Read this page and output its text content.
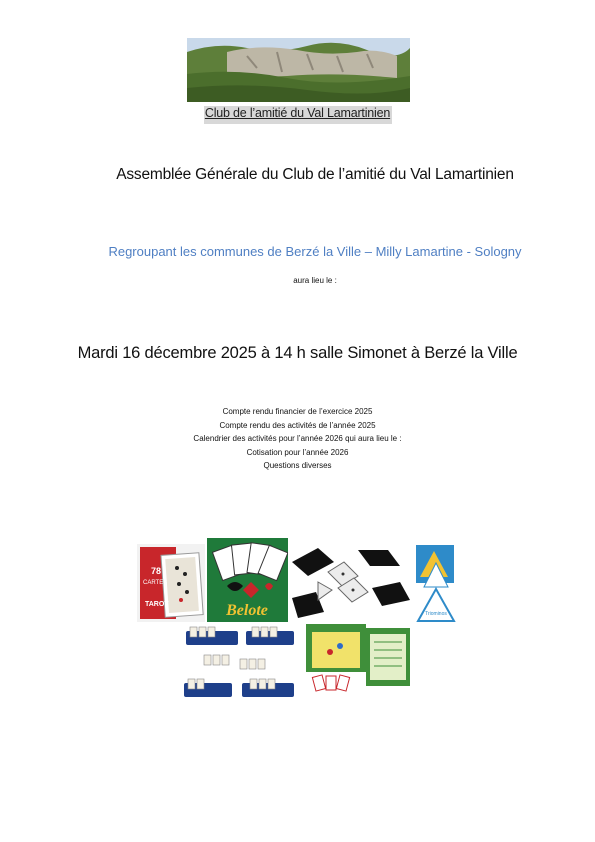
Club de l’amitié du Val Lamartinien
Assemblée Générale du Club de l’amitié du Val Lamartinien
Regroupant les communes de Berzé la Ville – Milly Lamartine - Sologny
aura lieu le :
Mardi 16 décembre 2025 à 14 h salle Simonet à Berzé la Ville
Compte rendu financier de l’exercice 2025
Compte rendu des activités de l’année 2025
Calendrier des activités pour l’année 2026 qui aura lieu le :
Cotisation pour l’année 2026
Questions diverses
78
CARTES
TAROT	Belote	Triominos
